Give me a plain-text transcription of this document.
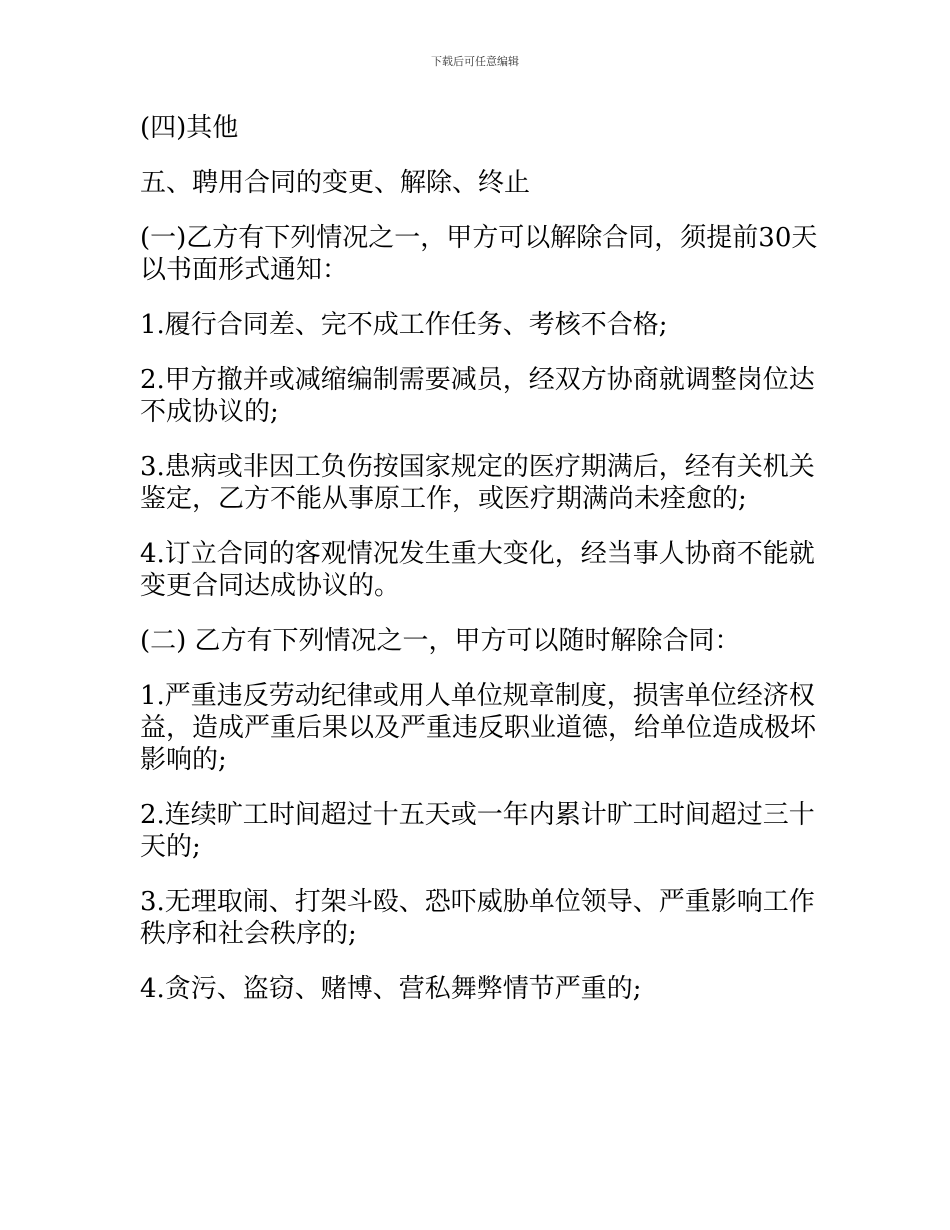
下载后可任意编辑

(四)其他

五、聘用合同的变更、解除、终止

(一)乙方有下列情况之一，甲方可以解除合同，须提前30天以书面形式通知：

1.履行合同差、完不成工作任务、考核不合格;

2.甲方撤并或减缩编制需要减员，经双方协商就调整岗位达不成协议的;

3.患病或非因工负伤按国家规定的医疗期满后，经有关机关鉴定，乙方不能从事原工作，或医疗期满尚未痊愈的;

4.订立合同的客观情况发生重大变化，经当事人协商不能就变更合同达成协议的。

(二) 乙方有下列情况之一，甲方可以随时解除合同：

1.严重违反劳动纪律或用人单位规章制度，损害单位经济权益，造成严重后果以及严重违反职业道德，给单位造成极坏影响的;

2.连续旷工时间超过十五天或一年内累计旷工时间超过三十天的;

3.无理取闹、打架斗殴、恐吓威胁单位领导、严重影响工作秩序和社会秩序的;

4.贪污、盗窃、赌博、营私舞弊情节严重的;
